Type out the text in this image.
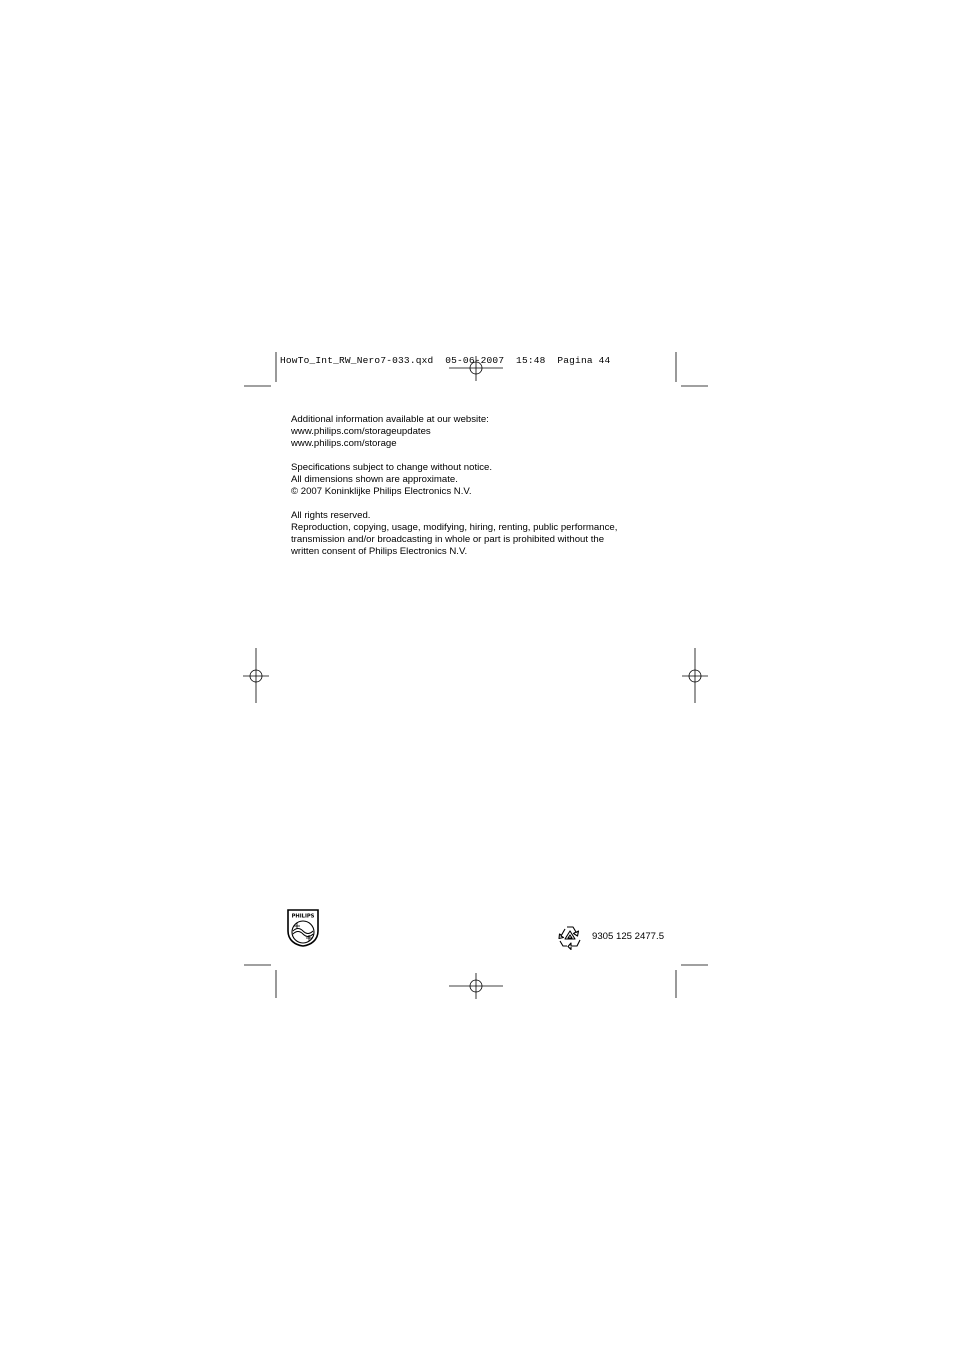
HowTo_Int_RW_Nero7-033.qxd  05-06-2007  15:48  Pagina 44

Additional information available at our website:

www.philips.com/storageupdates

www.philips.com/storage

Specifications subject to change without notice.

All dimensions shown are approximate.

© 2007 Koninklijke Philips Electronics N.V.

All rights reserved.

Reproduction, copying, usage, modifying, hiring, renting, public performance,

transmission and/or broadcasting in whole or part is prohibited without the

written consent of Philips Electronics N.V.

PHILIPS
9305 125 2477.5
